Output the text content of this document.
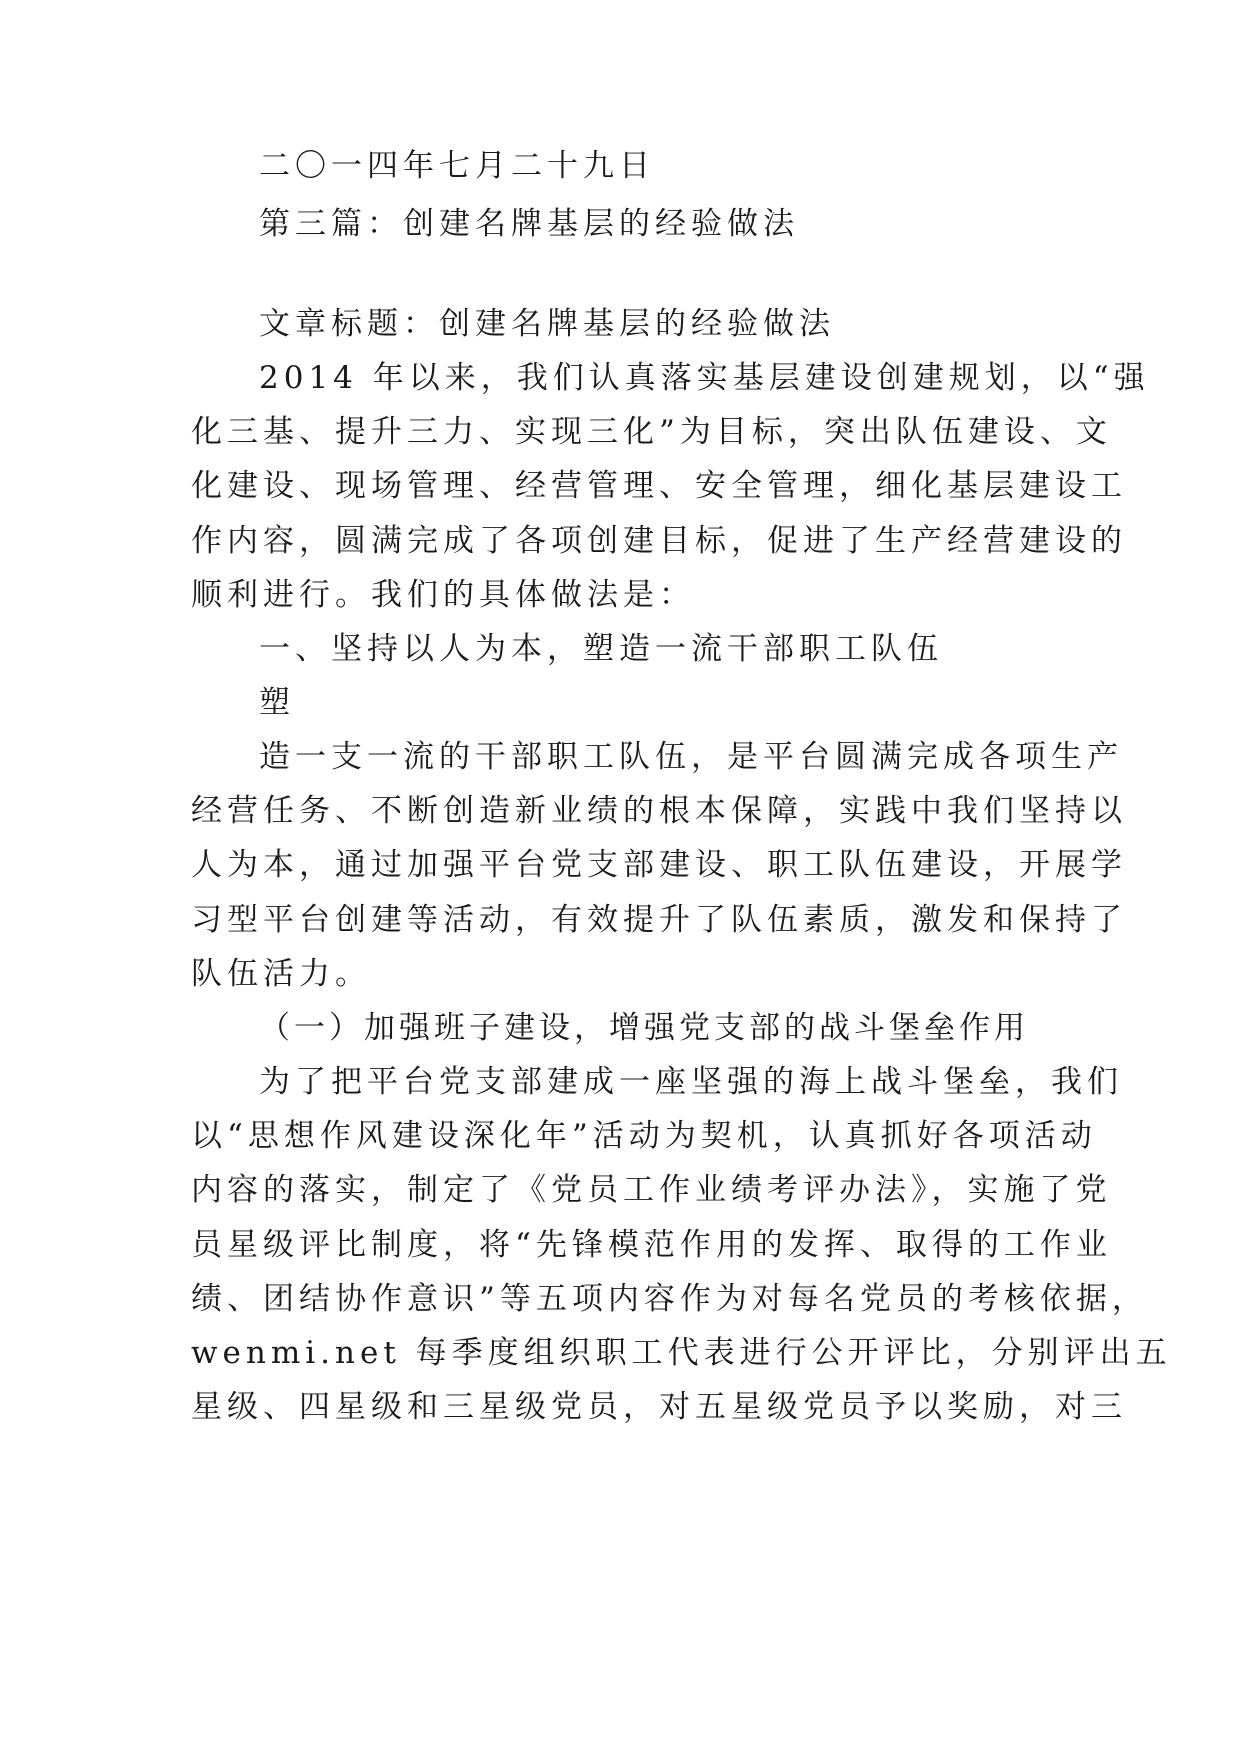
二〇一四年七月二十九日
第三篇：创建名牌基层的经验做法
文章标题：创建名牌基层的经验做法
2014 年以来，我们认真落实基层建设创建规划，以“强
化三基、提升三力、实现三化”为目标，突出队伍建设、文
化建设、现场管理、经营管理、安全管理，细化基层建设工
作内容，圆满完成了各项创建目标，促进了生产经营建设的
顺利进行。我们的具体做法是：
一、坚持以人为本，塑造一流干部职工队伍
塑
造一支一流的干部职工队伍，是平台圆满完成各项生产
经营任务、不断创造新业绩的根本保障，实践中我们坚持以
人为本，通过加强平台党支部建设、职工队伍建设，开展学
习型平台创建等活动，有效提升了队伍素质，激发和保持了
队伍活力。
（一）加强班子建设，增强党支部的战斗堡垒作用
为了把平台党支部建成一座坚强的海上战斗堡垒，我们
以“思想作风建设深化年”活动为契机，认真抓好各项活动
内容的落实，制定了《党员工作业绩考评办法》，实施了党
员星级评比制度，将“先锋模范作用的发挥、取得的工作业
绩、团结协作意识”等五项内容作为对每名党员的考核依据，
wenmi.net 每季度组织职工代表进行公开评比，分别评出五
星级、四星级和三星级党员，对五星级党员予以奖励，对三
